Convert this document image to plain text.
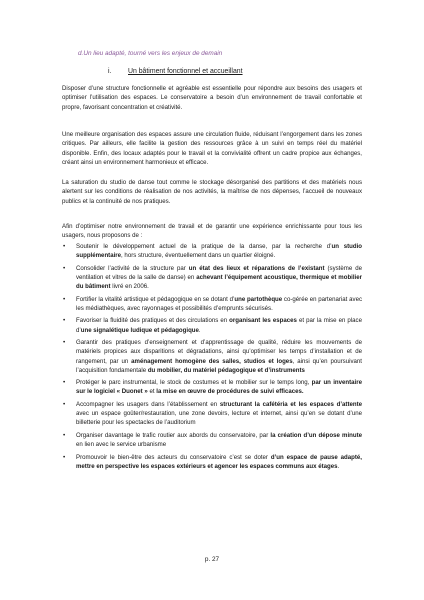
d.Un lieu adapté, tourné vers les enjeux de demain
i. Un bâtiment fonctionnel et accueillant

Disposer d’une structure fonctionnelle et agréable est essentielle pour répondre aux besoins des usagers et optimiser l’utilisation des espaces. Le conservatoire a besoin d’un environnement de travail confortable et propre, favorisant concentration et créativité.

Une meilleure organisation des espaces assure une circulation fluide, réduisant l’engorgement dans les zones critiques. Par ailleurs, elle facilite la gestion des ressources grâce à un suivi en temps réel du matériel disponible. Enfin, des locaux adaptés pour le travail et la convivialité offrent un cadre propice aux échanges, créant ainsi un environnement harmonieux et efficace.

La saturation du studio de danse tout comme le stockage désorganisé des partitions et des matériels nous alertent sur les conditions de réalisation de nos activités, la maîtrise de nos dépenses, l’accueil de nouveaux publics et la continuité de nos pratiques.

Afin d’optimiser notre environnement de travail et de garantir une expérience enrichissante pour tous les usagers, nous proposons de :

• Soutenir le développement actuel de la pratique de la danse, par la recherche d’un studio supplémentaire, hors structure, éventuellement dans un quartier éloigné.
• Consolider l’activité de la structure par un état des lieux et réparations de l’existant (système de ventilation et vitres de la salle de danse) en achevant l’équipement acoustique, thermique et mobilier du bâtiment livré en 2006.
• Fortifier la vitalité artistique et pédagogique en se dotant d’une partothèque co-gérée en partenariat avec les médiathèques, avec rayonnages et possibilités d’emprunts sécurisés.
• Favoriser la fluidité des pratiques et des circulations en organisant les espaces et par la mise en place d’une signalétique ludique et pédagogique.
• Garantir des pratiques d’enseignement et d’apprentissage de qualité, réduire les mouvements de matériels propices aux disparitions et dégradations, ainsi qu’optimiser les temps d’installation et de rangement, par un aménagement homogène des salles, studios et loges, ainsi qu’en poursuivant l’acquisition fondamentale du mobilier, du matériel pédagogique et d’instruments
• Protéger le parc instrumental, le stock de costumes et le mobilier sur le temps long, par un inventaire sur le logiciel « Duonet » et la mise en œuvre de procédures de suivi efficaces.
• Accompagner les usagers dans l’établissement en structurant la cafétéria et les espaces d’attente avec un espace goûter/restauration, une zone devoirs, lecture et internet, ainsi qu’en se dotant d’une billetterie pour les spectacles de l’auditorium
• Organiser davantage le trafic routier aux abords du conservatoire, par la création d’un dépose minute en lien avec le service urbanisme
• Promouvoir le bien-être des acteurs du conservatoire c’est se doter d’un espace de pause adapté, mettre en perspective les espaces extérieurs et agencer les espaces communs aux étages.
p. 27
